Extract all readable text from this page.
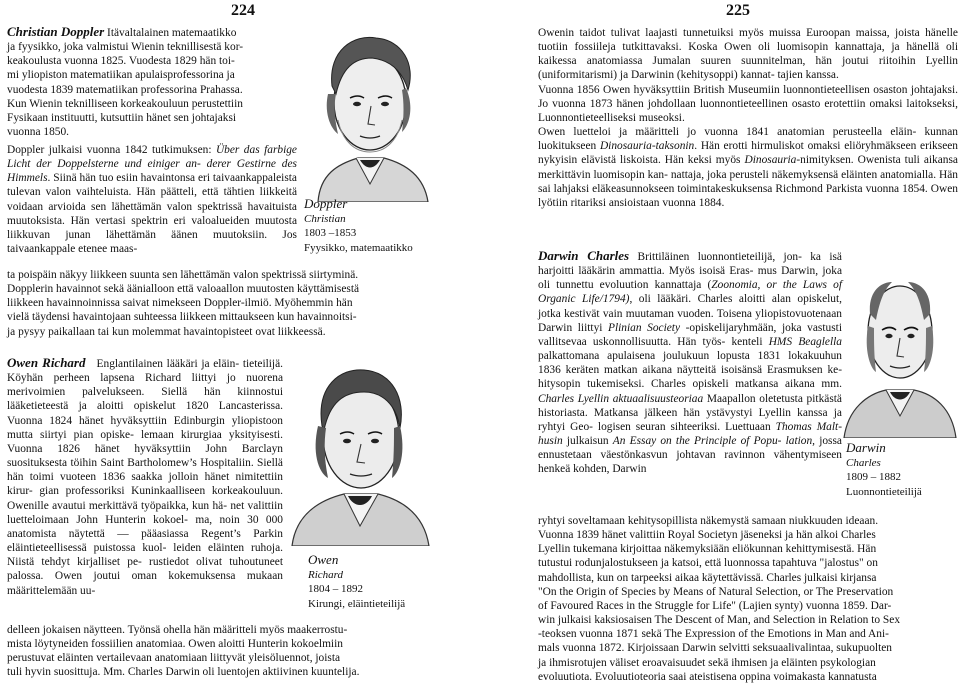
224

Christian Doppler Itävaltalainen matemaatikko

ja fyysikko, joka valmistui Wienin teknillisestä kor-

keakoulusta vuonna 1825. Vuodesta 1829 hän toi-

mi yliopiston matematiikan apulaisprofessorina ja

vuodesta 1839 matematiikan professorina Prahassa.

Kun Wienin teknilliseen korkeakouluun perustettiin

Fysikaan instituutti, kutsuttiin hänet sen johtajaksi

vuonna 1850.

Doppler julkaisi vuonna 1842 tutkimuksen: Über das farbige Licht der Doppelsterne und einiger an- derer Gestirne des Himmels. Siinä hän tuo esiin havaintonsa eri taivaankappaleista tulevan valon vaihteluista. Hän päätteli, että tähtien liikkeitä voidaan arvioida sen lähettämän valon spektrissä havaituista muutoksista. Hän vertasi spektrin eri valoalueiden muutosta liikkuvan junan lähettämän äänen muutoksiin. Jos taivaankappale etenee maas-

ta poispäin näkyy liikkeen suunta sen lähettämän valon spektrissä siirtyminä.

Dopplerin havainnot sekä äänialloon että valoaallon muutosten käyttämisestä

liikkeen havainnoinnissa saivat nimekseen Doppler-ilmiö. Myöhemmin hän

vielä täydensi havaintojaan suhteessa liikkeen mittaukseen kun havainnoitsi-

ja pysyy paikallaan tai kun molemmat havaintopisteet ovat liikkeessä.

Doppler
Christian
1803 –1853
Fyysikko, matemaatikko
Owen Richard Englantilainen lääkäri ja eläin- tieteilijä. Köyhän perheen lapsena Richard liittyi jo nuorena merivoimien palvelukseen. Siellä hän kiinnostui lääketieteestä ja aloitti opiskelut 1820 Lancasterissa. Vuonna 1824 hänet hyväksyttiin Edinburgin yliopistoon mutta siirtyi pian opiske- lemaan kirurgiaa yksityisesti. Vuonna 1826 hänet hyväksyttiin John Barclayn suosituksesta töihin Saint Bartholomew’s Hospitaliin. Siellä hän toimi vuoteen 1836 saakka jolloin hänet nimitettiin kirur- gian professoriksi Kuninkaalliseen korkeakouluun. Owenille avautui merkittävä työpaikka, kun hä- net valittiin luetteloimaan John Hunterin kokoel- ma, noin 30 000 anatomista näytettä — pääasiassa Regent’s Parkin eläintieteellisessä puistossa kuol- leiden eläinten ruhoja. Niistä tehdyt kirjalliset pe- rustiedot olivat tuhoutuneet palossa. Owen joutui oman kokemuksensa mukaan määrittelemään uu-

delleen jokaisen näytteen. Työnsä ohella hän määritteli myös maakerrostu-

mista löytyneiden fossiilien anatomiaa. Owen aloitti Hunterin kokoelmiin

perustuvat eläinten vertailevaan anatomiaan liittyvät yleisöluennot, joista

tuli hyvin suosittuja. Mm. Charles Darwin oli luentojen aktiivinen kuuntelija.

Owen
Richard
1804 – 1892
Kirungi, eläintieteilijä
225

Owenin taidot tulivat laajasti tunnetuiksi myös muissa Euroopan maissa, joista hänelle tuotiin fossiileja tutkittavaksi. Koska Owen oli luomisopin kannattaja, ja hänellä oli kaikessa anatomiassa Jumalan suuren suunnitelman, hän joutui riitoihin Lyellin (uniformitarismi) ja Darwinin (kehitysoppi) kannat- tajien kanssa.

Vuonna 1856 Owen hyväksyttiin British Museumiin luonnontieteellisen osaston johtajaksi. Jo vuonna 1873 hänen johdollaan luonnontieteellinen osasto erotettiin omaksi laitokseksi, Luonnontieteelliseksi museoksi.

Owen luetteloi ja määritteli jo vuonna 1841 anatomian perusteella eläin- kunnan luokitukseen Dinosauria-taksonin. Hän erotti hirmuliskot omaksi eliöryhmäkseen erikseen nykyisin elävistä liskoista. Hän keksi myös Dinosauria-nimityksen. Owenista tuli aikansa merkittävin luomisopin kan- nattaja, joka perusteli näkemyksensä eläinten anatomialla. Hän sai lahjaksi eläkeasunnokseen toimintakeskuksensa Richmond Parkista vuonna 1854. Owen lyötiin ritariksi ansioistaan vuonna 1884.

Darwin Charles Brittiläinen luonnontieteilijä, jon- ka isä harjoitti lääkärin ammattia. Myös isoisä Eras- mus Darwin, joka oli tunnettu evoluution kannattaja (Zoonomia, or the Laws of Organic Life/1794), oli lääkäri. Charles aloitti alan opiskelut, jotka kestivät vain muutaman vuoden. Toisena yliopistovuotenaan Darwin liittyi Plinian Society -opiskelijaryhmään, joka vastusti vallitsevaa uskonnollisuutta. Hän työs- kenteli HMS Beaglella palkattomana apulaisena joulukuun lopusta 1831 lokakuuhun 1836 keräten matkan aikana näytteitä isoisänsä Erasmuksen ke- hitysopin tukemiseksi. Charles opiskeli matkansa aikana mm. Charles Lyellin aktuaalisuusteoriaa Maapallon oletetusta pitkästä historiasta. Matkansa jälkeen hän ystävystyi Lyellin kanssa ja ryhtyi Geo- logisen seuran sihteeriksi. Luettuaan Thomas Malt- husin julkaisun An Essay on the Principle of Popu- lation, jossa ennustetaan väestönkasvun johtavan ravinnon vähentymiseen henkeä kohden, Darwin

ryhtyi soveltamaan kehitysopillista näkemystä samaan niukkuuden ideaan.

Vuonna 1839 hänet valittiin Royal Societyn jäseneksi ja hän alkoi Charles

Lyellin tukemana kirjoittaa näkemyksiään eliökunnan kehittymisestä. Hän

tutustui rodunjalostukseen ja katsoi, että luonnossa tapahtuva "jalostus" on

mahdollista, kun on tarpeeksi aikaa käytettävissä. Charles julkaisi kirjansa

"On the Origin of Species by Means of Natural Selection, or The Preservation

of Favoured Races in the Struggle for Life" (Lajien synty) vuonna 1859. Dar-

win julkaisi kaksiosaisen The Descent of Man, and Selection in Relation to Sex

-teoksen vuonna 1871 sekä The Expression of the Emotions in Man and Ani-

mals vuonna 1872. Kirjoissaan Darwin selvitti seksuaalivalintaa, sukupuolten

ja ihmisrotujen väliset eroavaisuudet sekä ihmisen ja eläinten psykologian

evoluutiota. Evoluutioteoria saai ateistisena oppina voimakasta kannatusta

Darwin
Charles
1809 – 1882
Luonnontieteilijä
